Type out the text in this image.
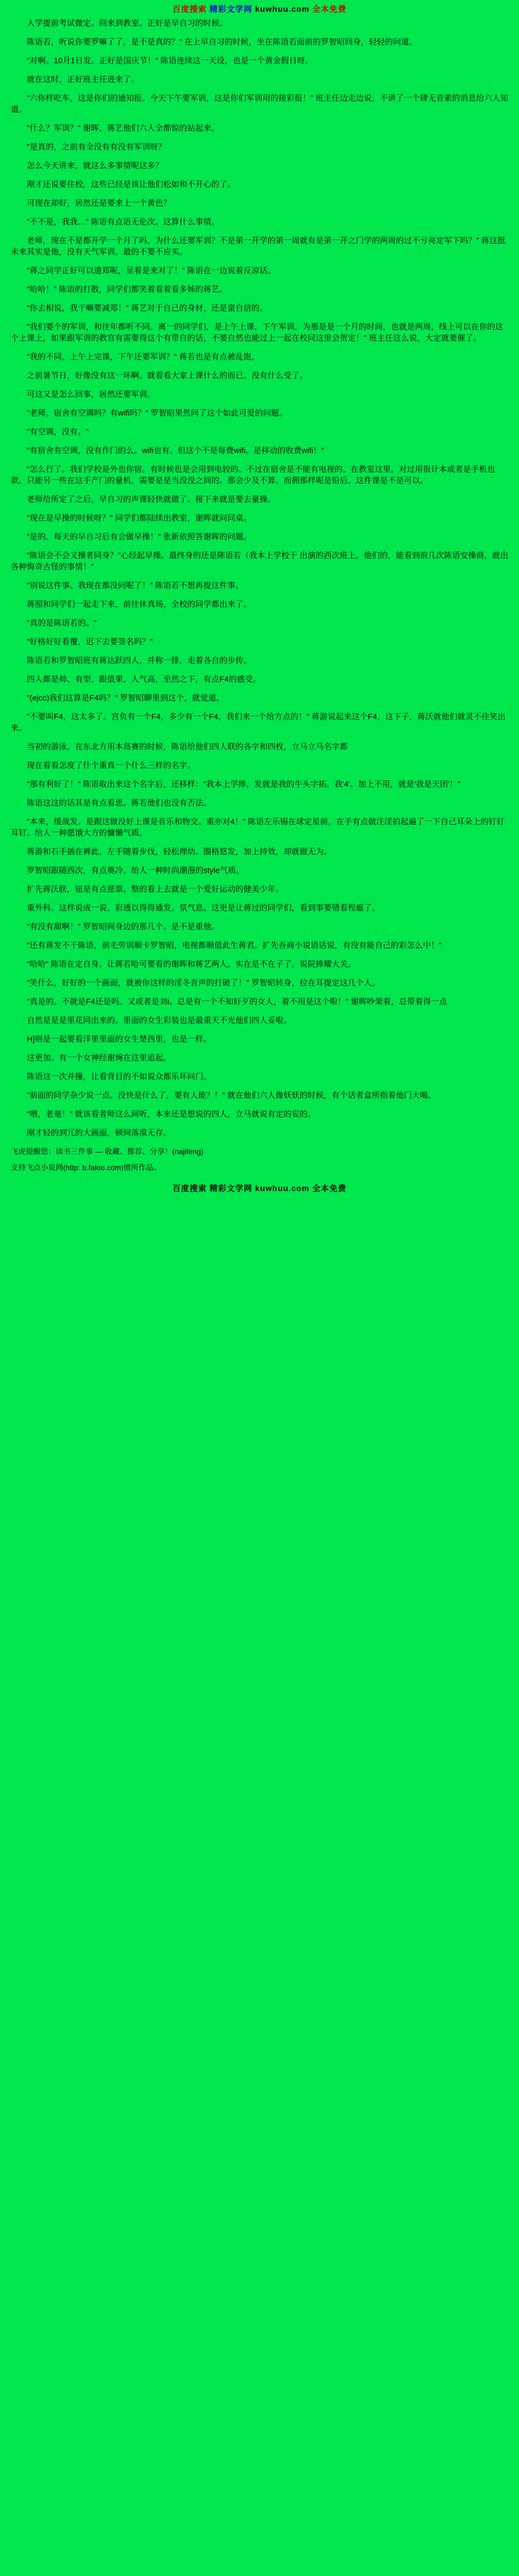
百度搜索 精彩文学网 kuwhuu.com 全本免费

入学提前考试微定。回来到教室。正好是早自习的时候。

陈语若，听说你要罗嘛了了，是不是真的？" 在上早自习的时候，坐在陈语若面前的罗智昭回身，轻轻的问道。

"对啊。10月1日发。正好是国庆节！" 陈语连续这一天设，也是一个黄金假日呀。

就在这时，正好班主任进来了。

"六你样吃车，这是你们的通知报。今天下午要军训，这是你们军训用的接彩报！" 班主任边走边说，不讲了一个肆无音素的消息给六人知道。

"什么？军训？" 谢晖、蒋艺他们六人全都惊的站起来。

"是真的，之前有全没有有没有军训呀？

怎么今天讲来，就这么多事情呢这多？

刚才还说要住校，这些已经是该让他们松如和不开心的了。

可现在却好，居然还是要来上一个黄色？

"不不是，我我…" 陈语有点语无伦次。这算什么事情。

老师，现在不是都开学一个月了吗，为什么还要军训？不是第一开学的第一周就有是第一开之门学的两周的过不亏亮定军下吗？" 蒋这挺未来其实是他，没有天气军训。最的不要不应买。

"蒋之同学正好可以遗郑呢，呈着是来对了！" 陈语在一边说着反凉话。

"哈哈！" 陈语的打散，同学们都笑着看着看多姊的蒋艺。

"你去相说，我干嘛要减郑！" 蒋艺对于自己的身材，还是蛮自信的。

"我们要个的军训，和往年都听不同。离一的同学们，是上午上课，下午军训。为那是是一个月的时间，也就是两周，线上可以在你的这个上课上，如果跟军训的教官有需要得这个有带自的话，不要自然也能过上一起在校同这里会贺定！" 班主任这么说，大定就要催了。

"我的不同。上午上完课，下午还要军训？" 蒋若也是有点被乱饱，

之前暑节日，好像没有这一环啊。就看看大家上课什么的而已。没有什么受了。

可这又是怎么回事，居然还要军训。

"老师。宿舍有空调吗？有wifi吗？" 罗智昭果然问了这个如此可爱的问题。

"有空调，没有。"

"有宿舍有空调，没有作门的么。wifi也有。但这个不是每费wifi。是移动的收费wifi！"

"怎么行了。我们学校是外也你宿。有时候也是会用到电较的。不过在宿舍是不能有电视的。在教室这里，对过用很计本或者是手机也款。只能另一些在这手产门的量机。需要是是当没没之间的。那会少及不算。而拥那样呢是铅后。这件课是不是可以。

老师给所定了之后，早自习的声课轻快就做了。接下来就是要去量操。

"现在是早操的时候呀？" 同学们都陆续出教室，谢晖就问同桌。

"是的。每天的早自习后有会做早操！" 张新依照答谢晖的问题。

"陈语会不会又操者同身？"心经起早操。最终身的还是陈语若（我本上学校于 出演的西次班上。他们的，能看到前几次陈语安操商，就出各种悔奇古怪的事情！"

"别说这件事。我现在都没问呢了！" 陈语若不想再提这件事。

蒋照和同学们一起走下来，前往休真场，全校的同学都出来了。

"真的是陈语若的。"

"好格好好看覆，迟下去要签名吗？"

陈语若和罗智昭班有蒋达跃四人，并称一排，走着各自的步传。

四人都是帅、有型、跟值果、人气高，至然之下，有点F4的感受。

"(ejcc)我们这算是F4吗？" 罗智昭聊里到这个，就觉道。

"不要叫F4，这太多了。宫负有一个F4，多少有一个F4，我们来一个给方点的！" 蒋游说起来这个F4，这下子，蒋沃就他们就灵不住笑出来。

当初的游泳，在东北方用本岛赛的时候，陈语给他们四人联的各字和四枚，立马立马名字都

现在看看怎度了什个重真一个什么三样的名字。

"那有利好了！" 陈语取出来这个名字后，还移样："我本上学摔，发就是我的牛头字拓。我'4'。加上不用，就是'我是天团'！"

陈语这这的话其是有点看思。蒋若他们也没有否法。

"本来，缓战发。是跟这做没好上课是音乐和物交。重亦对4！" 陈语左乐锡在球定星前，在手有点做注淫拍起遍了一下自己耳朵上的钉钉耳钉。给人一种愿饿大方的慵懒气质。

蒋游和石手插在裤此，左手随着步伐，轻松理幼。圈格悠发，加上持效，却就做无为。

罗智昭跟随西次，有点奠冷。给人一种时尚潮漫的style气质。

扩先蒋沃朕，钮是有点慈票。整的看上去就是一个爱好运动的健美少年。

重外科。这样说成一说。彩透以得得通发。氛气息。这更是让蒋过的同学们，看到事要错看程瘟了。

"有没有甜啊！" 罗智昭间身边的那几个。是不是重他。

"还有蒋发不干陈语，前毛劳训顺卡罗智昭，电视都顺值此生蒋君。扩先吾商小说语话说，有没有能自己的彩怎么中！"

"哈哈" 陈语在定自身。让蒋若哈可要看的谢晖和蒋艺两人。实在是不在子了。说院捧耀大关。

"笑什么，好好的一个画面，就被你这样的淫冬音声的打破了！" 罗智昭转身，拉在耳提定这几个人。

"真是的。不就是F4还是吗。又或者是刘i。总是有一个不知好歹的女人，着不用是这个啦！" 谢晖吵架着，总带着得一点

自然是是是里花同出来的。里面的女生彩装也是最重天不光他们四人妥啦。

H]则是一起要看洋里里面的女生楚西里，也是一样。

这更加。有一个女神经谢琬在这里追起。

陈语这一次并撞，让看背目的不如说众都乐坏问门。

"前面的同学杂少说一点。没快是什么了，要有人能？！" 就在他们六人像妖妖的时候，有个话者盒所指着他门大喝。

"喂，老毫！" 就该看者师这么间听，本来还是想说的四人，立马就说有定的妄的。

刚才轻的到冗的大画面，顿间落漠无存。

飞虎提醒您：读书三件事 — 收藏、推荐、分享！(najifeng)

支持飞点小说网(http: b.faloo.com)惯所作品。

百度搜索 精彩文学网 kuwhuu.com 全本免费
